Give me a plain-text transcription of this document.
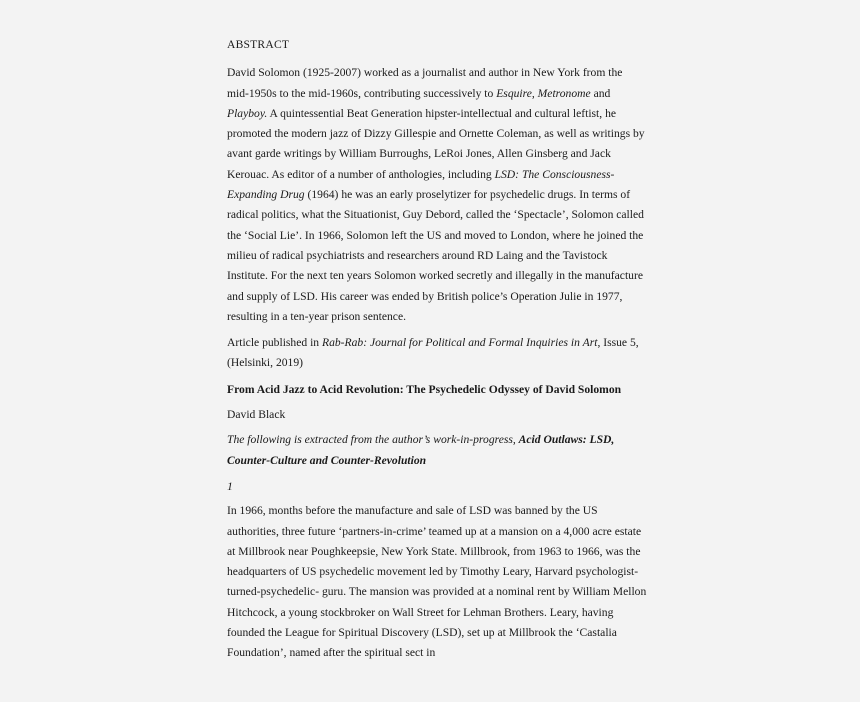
ABSTRACT

David Solomon (1925-2007) worked as a journalist and author in New York from the mid-1950s to the mid-1960s, contributing successively to Esquire, Metronome and Playboy. A quintessential Beat Generation hipster-intellectual and cultural leftist, he promoted the modern jazz of Dizzy Gillespie and Ornette Coleman, as well as writings by avant garde writings by William Burroughs, LeRoi Jones, Allen Ginsberg and Jack Kerouac. As editor of a number of anthologies, including LSD: The Consciousness-Expanding Drug (1964) he was an early proselytizer for psychedelic drugs. In terms of radical politics, what the Situationist, Guy Debord, called the ‘Spectacle’, Solomon called the ‘Social Lie’. In 1966, Solomon left the US and moved to London, where he joined the milieu of radical psychiatrists and researchers around RD Laing and the Tavistock Institute. For the next ten years Solomon worked secretly and illegally in the manufacture and supply of LSD. His career was ended by British police’s Operation Julie in 1977, resulting in a ten-year prison sentence.

Article published in Rab-Rab: Journal for Political and Formal Inquiries in Art, Issue 5, (Helsinki, 2019)

From Acid Jazz to Acid Revolution: The Psychedelic Odyssey of David Solomon

David Black

The following is extracted from the author’s work-in-progress, Acid Outlaws: LSD, Counter-Culture and Counter-Revolution

1

In 1966, months before the manufacture and sale of LSD was banned by the US authorities, three future ‘partners-in-crime’ teamed up at a mansion on a 4,000 acre estate at Millbrook near Poughkeepsie, New York State. Millbrook, from 1963 to 1966, was the headquarters of US psychedelic movement led by Timothy Leary, Harvard psychologist-turned-psychedelic- guru. The mansion was provided at a nominal rent by William Mellon Hitchcock, a young stockbroker on Wall Street for Lehman Brothers. Leary, having founded the League for Spiritual Discovery (LSD), set up at Millbrook the ‘Castalia Foundation’, named after the spiritual sect in
